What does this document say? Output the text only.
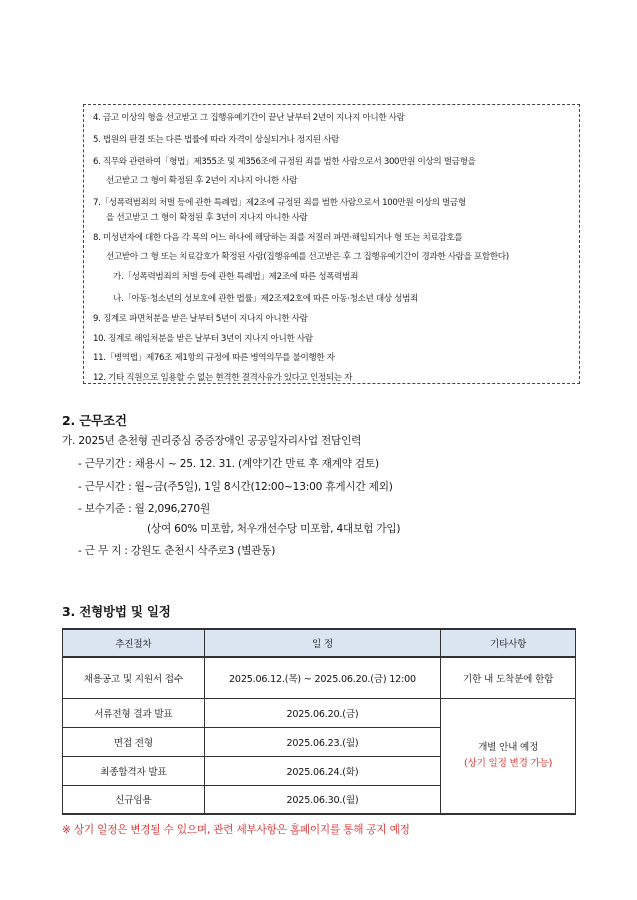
4. 금고 이상의 형을 선고받고 그 집행유예기간이 끝난 날부터 2년이 지나지 아니한 사람
5. 법원의 판결 또는 다른 법률에 따라 자격이 상실되거나 정지된 사람
6. 직무와 관련하여「형법」제355조 및 제356조에 규정된 죄를 범한 사람으로서 300만원 이상의 벌금형을
선고받고 그 형이 확정된 후 2년이 지나지 아니한 사람
7.「성폭력범죄의 처벌 등에 관한 특례법」제2조에 규정된 죄를 범한 사람으로서 100만원 이상의 벌금형
을 선고받고 그 형이 확정된 후 3년이 지나지 아니한 사람
8. 미성년자에 대한 다음 각 목의 어느 하나에 해당하는 죄를 저질러 파면·해임되거나 형 또는 치료감호를
선고받아 그 형 또는 치료감호가 확정된 사람(집행유예를 선고받은 후 그 집행유예기간이 경과한 사람을 포함한다)
가.「성폭력범죄의 처벌 등에 관한 특례법」제2조에 따른 성폭력범죄
나.「아동·청소년의 성보호에 관한 법률」제2조제2호에 따른 아동·청소년 대상 성범죄
9. 징계로 파면처분을 받은 날부터 5년이 지나지 아니한 사람
10. 징계로 해임처분을 받은 날부터 3년이 지나지 아니한 사람
11.「병역법」제76조 제1항의 규정에 따른 병역의무를 불이행한 자
12. 기타 직원으로 임용할 수 없는 현격한 결격사유가 있다고 인정되는 자
2. 근무조건
가. 2025년 춘천형 권리중심 중증장애인 공공일자리사업 전담인력
- 근무기간 : 채용시 ~ 25. 12. 31. (계약기간 만료 후 재계약 검토)
- 근무시간 : 월~금(주5일), 1일 8시간(12:00~13:00 휴게시간 제외)
- 보수기준 : 월 2,096,270원
(상여 60% 미포함, 처우개선수당 미포함, 4대보험 가입)
- 근 무 지 : 강원도 춘천시 삭주로3 (별관동)
3. 전형방법 및 일정
추진절차	일 정	기타사항
채용공고 및 지원서 접수	2025.06.12.(목) ~ 2025.06.20.(금) 12:00	기한 내 도착분에 한함
서류전형 결과 발표	2025.06.20.(금)	개별 안내 예정
(상기 일정 변경 가능)

면접 전형	2025.06.23.(월)	
최종합격자 발표	2025.06.24.(화)	
신규임용	2025.06.30.(월)	
※ 상기 일정은 변경될 수 있으며, 관련 세부사항은 홈페이지를 통해 공지 예정
